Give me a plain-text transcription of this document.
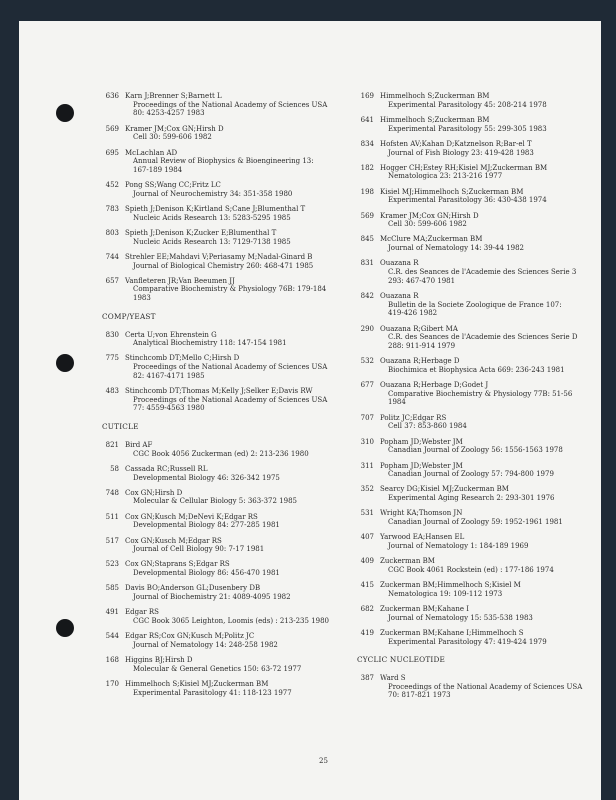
636 Karn J;Brenner S;Barnett L
Proceedings of the National Academy of Sciences USA
80: 4253-4257 1983
569 Kramer JM;Cox GN;Hirsh D
Cell 30: 599-606 1982
695 McLachlan AD
Annual Review of Biophysics & Bioengineering 13:
167-189 1984
452 Pong SS;Wang CC;Fritz LC
Journal of Neurochemistry 34: 351-358 1980
783 Spieth J;Denison K;Kirtland S;Cane J;Blumenthal T
Nucleic Acids Research 13: 5283-5295 1985
803 Spieth J;Denison K;Zucker E;Blumenthal T
Nucleic Acids Research 13: 7129-7138 1985
744 Strehler EE;Mahdavi V;Periasamy M;Nadal-Ginard B
Journal of Biological Chemistry 260: 468-471 1985
657 Vanfleteren JR;Van Beeumen JJ
Comparative Biochemistry & Physiology 76B: 179-184
1983
COMP/YEAST
830 Certa U;von Ehrenstein G
Analytical Biochemistry 118: 147-154 1981
775 Stinchcomb DT;Mello C;Hirsh D
Proceedings of the National Academy of Sciences USA
82: 4167-4171 1985
483 Stinchcomb DT;Thomas M;Kelly J;Selker E;Davis RW
Proceedings of the National Academy of Sciences USA
77: 4559-4563 1980
CUTICLE
821 Bird AF
CGC Book 4056 Zuckerman (ed) 2: 213-236 1980
58 Cassada RC;Russell RL
Developmental Biology 46: 326-342 1975
748 Cox GN;Hirsh D
Molecular & Cellular Biology 5: 363-372 1985
511 Cox GN;Kusch M;DeNevi K;Edgar RS
Developmental Biology 84: 277-285 1981
517 Cox GN;Kusch M;Edgar RS
Journal of Cell Biology 90: 7-17 1981
523 Cox GN;Staprans S;Edgar RS
Developmental Biology 86: 456-470 1981
585 Davis BO;Anderson GL;Dusenbery DB
Journal of Biochemistry 21: 4089-4095 1982
491 Edgar RS
CGC Book 3065 Leighton, Loomis (eds) : 213-235 1980
544 Edgar RS;Cox GN;Kusch M;Politz JC
Journal of Nematology 14: 248-258 1982
168 Higgins BJ;Hirsh D
Molecular & General Genetics 150: 63-72 1977
170 Himmelhoch S;Kisiel MJ;Zuckerman BM
Experimental Parasitology 41: 118-123 1977
169 Himmelhoch S;Zuckerman BM
Experimental Parasitology 45: 208-214 1978
641 Himmelhoch S;Zuckerman BM
Experimental Parasitology 55: 299-305 1983
834 Hofsten AV;Kahan D;Katznelson R;Bar-el T
Journal of Fish Biology 23: 419-428 1983
182 Hogger CH;Estey RH;Kisiel MJ;Zuckerman BM
Nematologica 23: 213-216 1977
198 Kisiel MJ;Himmelhoch S;Zuckerman BM
Experimental Parasitology 36: 430-438 1974
569 Kramer JM;Cox GN;Hirsh D
Cell 30: 599-606 1982
845 McClure MA;Zuckerman BM
Journal of Nematology 14: 39-44 1982
831 Ouazana R
C.R. des Seances de l'Academie des Sciences Serie 3
293: 467-470 1981
842 Ouazana R
Bulletin de la Societe Zoologique de France 107:
419-426 1982
290 Ouazana R;Gibert MA
C.R. des Seances de l'Academie des Sciences Serie D
288: 911-914 1979
532 Ouazana R;Herbage D
Biochimica et Biophysica Acta 669: 236-243 1981
677 Ouazana R;Herbage D;Godet J
Comparative Biochemistry & Physiology 77B: 51-56
1984
707 Politz JC;Edgar RS
Cell 37: 853-860 1984
310 Popham JD;Webster JM
Canadian Journal of Zoology 56: 1556-1563 1978
311 Popham JD;Webster JM
Canadian Journal of Zoology 57: 794-800 1979
352 Searcy DG;Kisiel MJ;Zuckerman BM
Experimental Aging Research 2: 293-301 1976
531 Wright KA;Thomson JN
Canadian Journal of Zoology 59: 1952-1961 1981
407 Yarwood EA;Hansen EL
Journal of Nematology 1: 184-189 1969
409 Zuckerman BM
CGC Book 4061 Rockstein (ed) : 177-186 1974
415 Zuckerman BM;Himmelhoch S;Kisiel M
Nematologica 19: 109-112 1973
682 Zuckerman BM;Kahane I
Journal of Nematology 15: 535-538 1983
419 Zuckerman BM;Kahane I;Himmelhoch S
Experimental Parasitology 47: 419-424 1979
CYCLIC NUCLEOTIDE
387 Ward S
Proceedings of the National Academy of Sciences USA
70: 817-821 1973
25
